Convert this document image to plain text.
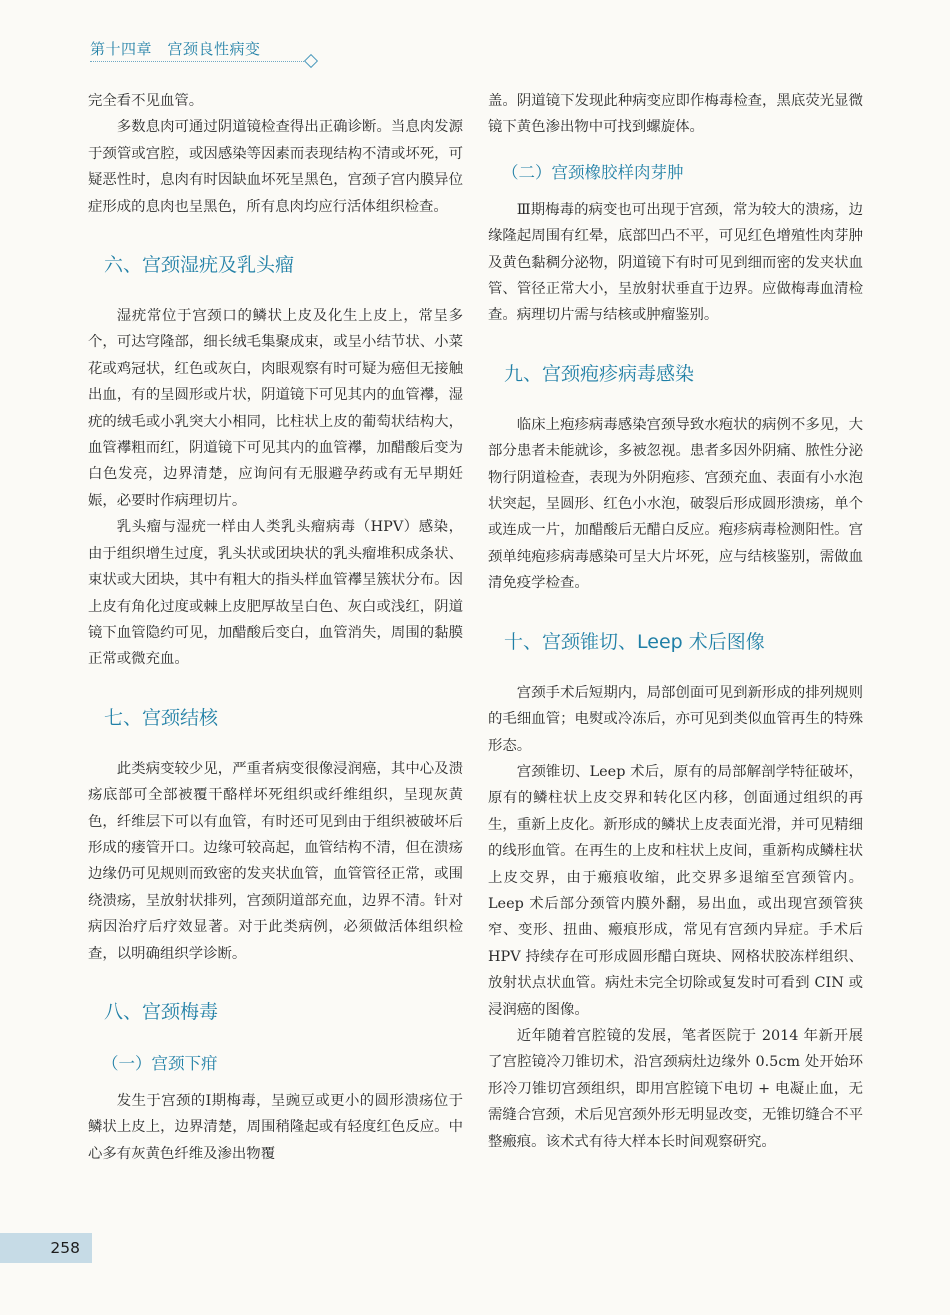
第十四章　宫颈良性病变

完全看不见血管。

多数息肉可通过阴道镜检查得出正确诊断。当息肉发源于颈管或宫腔，或因感染等因素而表现结构不清或坏死，可疑恶性时，息肉有时因缺血坏死呈黑色，宫颈子宫内膜异位症形成的息肉也呈黑色，所有息肉均应行活体组织检查。

六、宫颈湿疣及乳头瘤

湿疣常位于宫颈口的鳞状上皮及化生上皮上，常呈多个，可达穹隆部，细长绒毛集聚成束，或呈小结节状、小菜花或鸡冠状，红色或灰白，肉眼观察有时可疑为癌但无接触出血，有的呈圆形或片状，阴道镜下可见其内的血管襻，湿疣的绒毛或小乳突大小相同，比柱状上皮的葡萄状结构大，血管襻粗而红，阴道镜下可见其内的血管襻，加醋酸后变为白色发亮，边界清楚，应询问有无服避孕药或有无早期妊娠，必要时作病理切片。

乳头瘤与湿疣一样由人类乳头瘤病毒（HPV）感染，由于组织增生过度，乳头状或团块状的乳头瘤堆积成条状、束状或大团块，其中有粗大的指头样血管襻呈簇状分布。因上皮有角化过度或棘上皮肥厚故呈白色、灰白或浅红，阴道镜下血管隐约可见，加醋酸后变白，血管消失，周围的黏膜正常或微充血。

七、宫颈结核

此类病变较少见，严重者病变很像浸润癌，其中心及溃疡底部可全部被覆干酪样坏死组织或纤维组织，呈现灰黄色，纤维层下可以有血管，有时还可见到由于组织被破坏后形成的瘘管开口。边缘可较高起，血管结构不清，但在溃疡边缘仍可见规则而致密的发夹状血管，血管管径正常，或围绕溃疡，呈放射状排列，宫颈阴道部充血，边界不清。针对病因治疗后疗效显著。对于此类病例，必须做活体组织检查，以明确组织学诊断。

八、宫颈梅毒
（一）宫颈下疳

发生于宫颈的Ⅰ期梅毒，呈豌豆或更小的圆形溃疡位于鳞状上皮上，边界清楚，周围稍隆起或有轻度红色反应。中心多有灰黄色纤维及渗出物覆

盖。阴道镜下发现此种病变应即作梅毒检查，黑底荧光显微镜下黄色渗出物中可找到螺旋体。

（二）宫颈橡胶样肉芽肿

Ⅲ期梅毒的病变也可出现于宫颈，常为较大的溃疡，边缘隆起周围有红晕，底部凹凸不平，可见红色增殖性肉芽肿及黄色黏稠分泌物，阴道镜下有时可见到细而密的发夹状血管、管径正常大小，呈放射状垂直于边界。应做梅毒血清检查。病理切片需与结核或肿瘤鉴别。

九、宫颈疱疹病毒感染

临床上疱疹病毒感染宫颈导致水疱状的病例不多见，大部分患者未能就诊，多被忽视。患者多因外阴痛、脓性分泌物行阴道检查，表现为外阴疱疹、宫颈充血、表面有小水泡状突起，呈圆形、红色小水泡，破裂后形成圆形溃疡，单个或连成一片，加醋酸后无醋白反应。疱疹病毒检测阳性。宫颈单纯疱疹病毒感染可呈大片坏死，应与结核鉴别，需做血清免疫学检查。

十、宫颈锥切、Leep 术后图像

宫颈手术后短期内，局部创面可见到新形成的排列规则的毛细血管；电熨或冷冻后，亦可见到类似血管再生的特殊形态。

宫颈锥切、Leep 术后，原有的局部解剖学特征破坏，原有的鳞柱状上皮交界和转化区内移，创面通过组织的再生，重新上皮化。新形成的鳞状上皮表面光滑，并可见精细的线形血管。在再生的上皮和柱状上皮间，重新构成鳞柱状上皮交界，由于瘢痕收缩，此交界多退缩至宫颈管内。Leep 术后部分颈管内膜外翻，易出血，或出现宫颈管狭窄、变形、扭曲、瘢痕形成，常见有宫颈内异症。手术后 HPV 持续存在可形成圆形醋白斑块、网格状胶冻样组织、放射状点状血管。病灶未完全切除或复发时可看到 CIN 或浸润癌的图像。

近年随着宫腔镜的发展，笔者医院于 2014 年新开展了宫腔镜冷刀锥切术，沿宫颈病灶边缘外 0.5cm 处开始环形冷刀锥切宫颈组织，即用宫腔镜下电切 + 电凝止血，无需缝合宫颈，术后见宫颈外形无明显改变，无锥切缝合不平整瘢痕。该术式有待大样本长时间观察研究。

258
